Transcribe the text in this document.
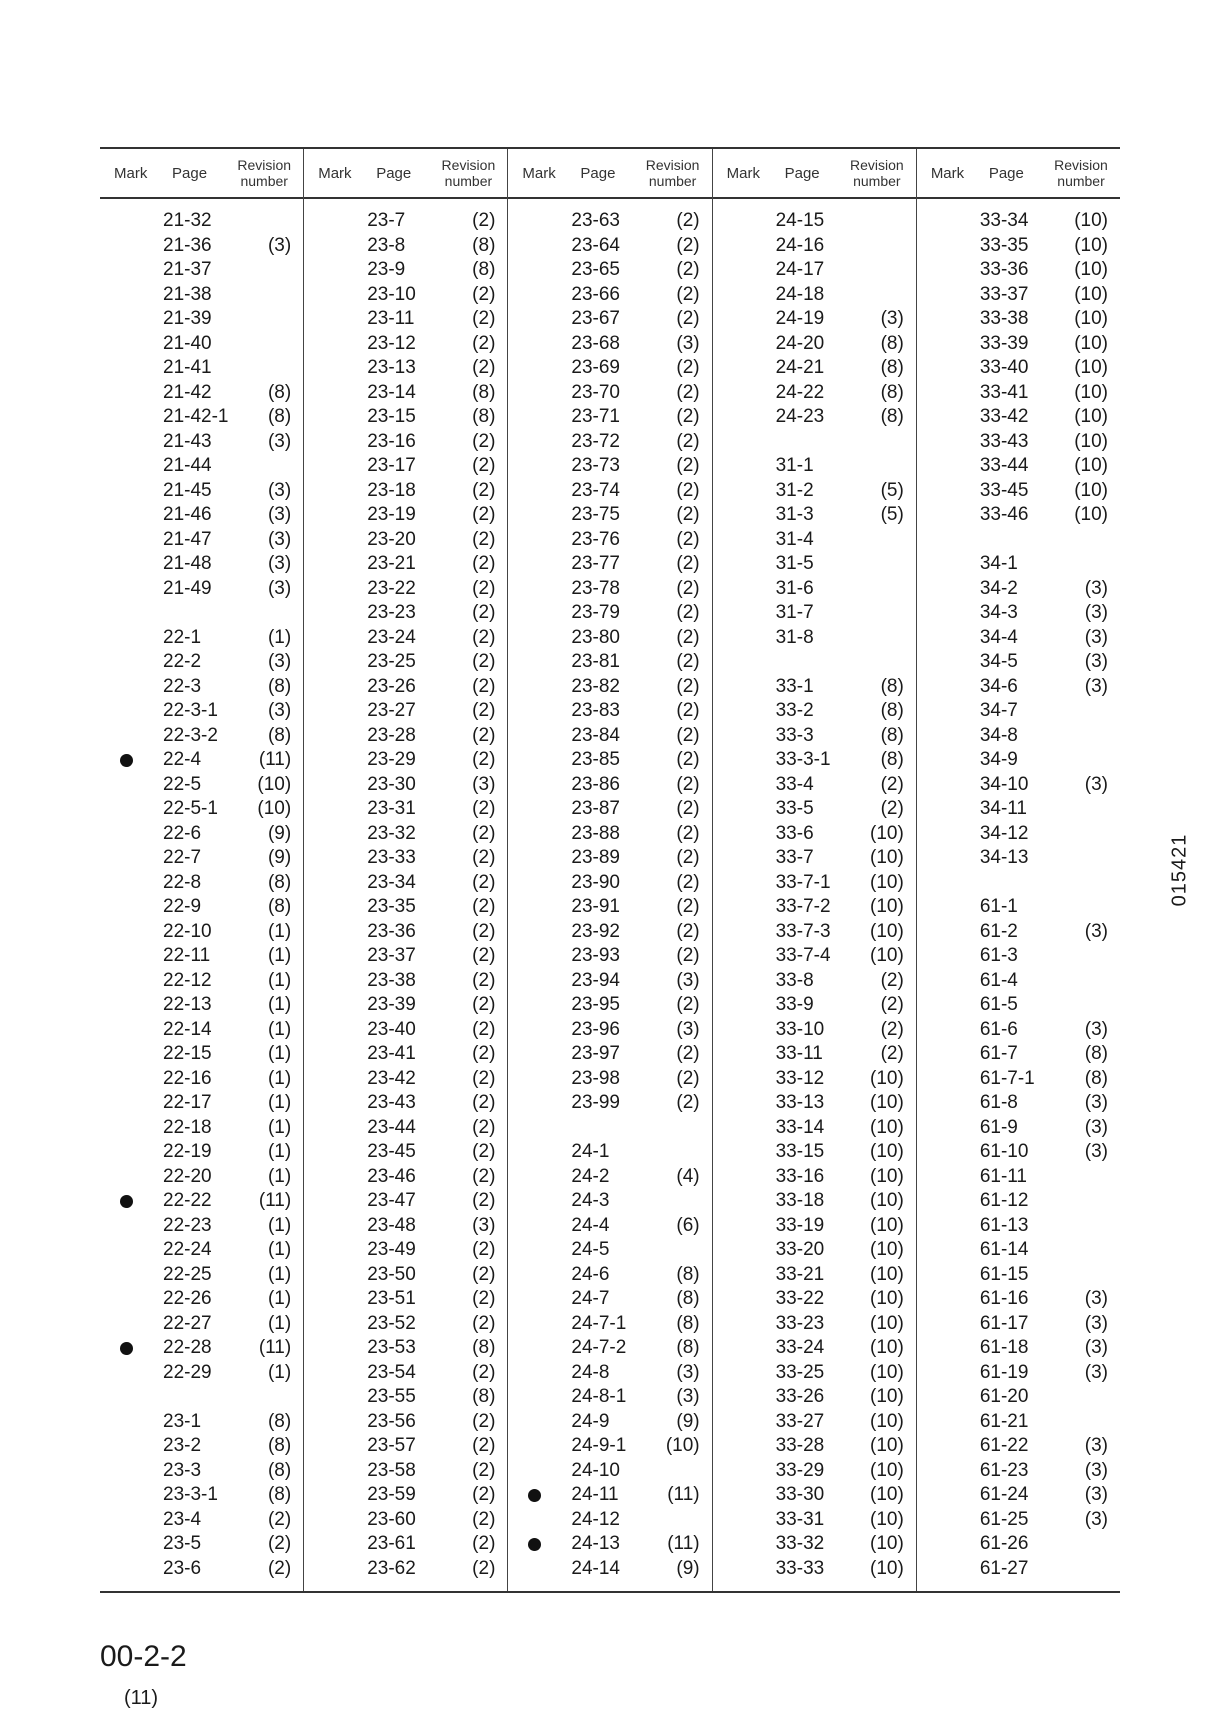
Mark Page	Revision number
21-32
21-36	(3)
21-37
21-38
21-39
21-40
21-41
21-42	(8)
21-42-1 (8)
21-43	(3)
21-44
21-45	(3)
21-46	(3)
21-47	(3)
21-48	(3)
21-49	(3)
22-1	(1)
22-2	(3)
22-3	(8)
22-3-1	(3)
22-3-2	(8)
22-4	(11)
22-5	(10)
22-5-1 (10)
22-6	(9)
22-7	(9)
22-8	(8)
22-9	(8)
22-10	(1)
22-11	(1)
22-12	(1)
22-13	(1)
22-14	(1)
22-15	(1)
22-16	(1)
22-17	(1)
22-18	(1)
22-19	(1)
22-20	(1)
22-22 (11)
22-23	(1)
22-24	(1)
22-25	(1)
22-26	(1)
22-27	(1)
22-28 (11)
22-29	(1)
23-1	(8)
23-2	(8)
23-3	(8)
23-3-1	(8)
23-4	(2)
23-5	(2)
23-6	(2)
Mark Page	Revision number
23-7	(2)
23-8	(8)
23-9	(8)
23-10	(2)
23-11	(2)
23-12	(2)
23-13	(2)
23-14	(8)
23-15	(8)
23-16	(2)
23-17	(2)
23-18	(2)
23-19	(2)
23-20	(2)
23-21	(2)
23-22	(2)
23-23	(2)
23-24	(2)
23-25	(2)
23-26	(2)
23-27	(2)
23-28	(2)
23-29	(2)
23-30	(3)
23-31	(2)
23-32	(2)
23-33	(2)
23-34	(2)
23-35	(2)
23-36	(2)
23-37	(2)
23-38	(2)
23-39	(2)
23-40	(2)
23-41	(2)
23-42	(2)
23-43	(2)
23-44	(2)
23-45	(2)
23-46	(2)
23-47	(2)
23-48	(3)
23-49	(2)
23-50	(2)
23-51	(2)
23-52	(2)
23-53	(8)
23-54	(2)
23-55	(8)
23-56	(2)
23-57	(2)
23-58	(2)
23-59	(2)
23-60	(2)
23-61	(2)
23-62	(2)
Mark Page	Revision number
23-63	(2)
23-64	(2)
23-65	(2)
23-66	(2)
23-67	(2)
23-68	(3)
23-69	(2)
23-70	(2)
23-71	(2)
23-72	(2)
23-73	(2)
23-74	(2)
23-75	(2)
23-76	(2)
23-77	(2)
23-78	(2)
23-79	(2)
23-80	(2)
23-81	(2)
23-82	(2)
23-83	(2)
23-84	(2)
23-85	(2)
23-86	(2)
23-87	(2)
23-88	(2)
23-89	(2)
23-90	(2)
23-91	(2)
23-92	(2)
23-93	(2)
23-94	(3)
23-95	(2)
23-96	(3)
23-97	(2)
23-98	(2)
23-99	(2)
24-1
24-2	(4)
24-3
24-4	(6)
24-5
24-6	(8)
24-7	(8)
24-7-1	(8)
24-7-2	(8)
24-8	(3)
24-8-1	(3)
24-9	(9)
24-9-1 (10)
24-10
24-11	(11)
24-12
24-13 (11)
24-14	(9)
Mark Page	Revision number
24-15
24-16
24-17
24-18
24-19	(3)
24-20	(8)
24-21	(8)
24-22	(8)
24-23	(8)
31-1
31-2	(5)
31-3	(5)
31-4
31-5
31-6
31-7
31-8
33-1	(8)
33-2	(8)
33-3	(8)
33-3-1	(8)
33-4	(2)
33-5	(2)
33-6	(10)
33-7	(10)
33-7-1 (10)
33-7-2 (10)
33-7-3 (10)
33-7-4 (10)
33-8	(2)
33-9	(2)
33-10	(2)
33-11	(2)
33-12 (10)
33-13 (10)
33-14 (10)
33-15 (10)
33-16 (10)
33-18 (10)
33-19 (10)
33-20 (10)
33-21 (10)
33-22 (10)
33-23 (10)
33-24 (10)
33-25 (10)
33-26 (10)
33-27 (10)
33-28 (10)
33-29 (10)
33-30 (10)
33-31 (10)
33-32 (10)
33-33 (10)
Mark Page	Revision number
33-34 (10)
33-35 (10)
33-36 (10)
33-37 (10)
33-38 (10)
33-39 (10)
33-40 (10)
33-41 (10)
33-42 (10)
33-43 (10)
33-44 (10)
33-45 (10)
33-46 (10)
34-1
34-2	(3)
34-3	(3)
34-4	(3)
34-5	(3)
34-6	(3)
34-7
34-8
34-9
34-10	(3)
34-11
34-12
34-13
61-1
61-2	(3)
61-3
61-4
61-5
61-6	(3)
61-7	(8)
61-7-1	(8)
61-8	(3)
61-9	(3)
61-10	(3)
61-11
61-12
61-13
61-14
61-15
61-16	(3)
61-17	(3)
61-18	(3)
61-19	(3)
61-20
61-21
61-22	(3)
61-23	(3)
61-24	(3)
61-25	(3)
61-26
61-27
015421
00-2-2
(11)
